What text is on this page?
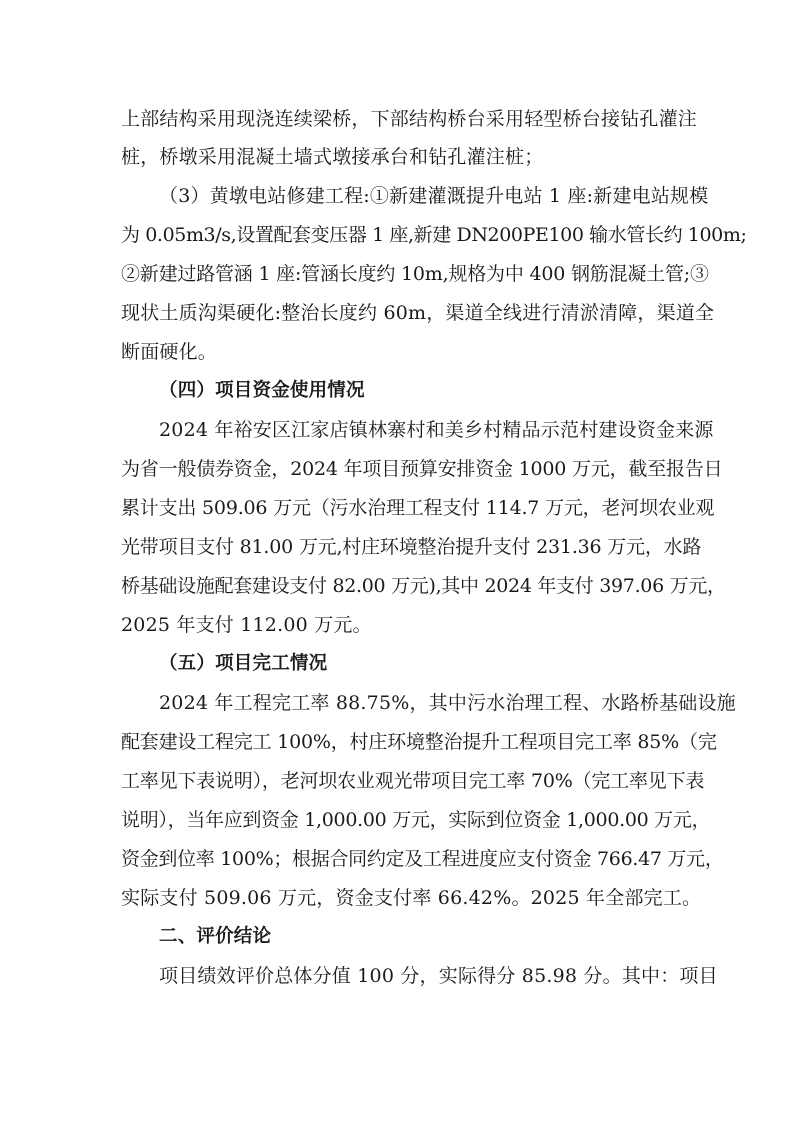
上部结构采用现浇连续梁桥，下部结构桥台采用轻型桥台接钻孔灌注
桩，桥墩采用混凝土墙式墩接承台和钻孔灌注桩；
（3）黄墩电站修建工程:①新建灌溉提升电站 1 座:新建电站规模
为 0.05m3/s,设置配套变压器 1 座,新建 DN200PE100 输水管长约 100m;
②新建过路管涵 1 座:管涵长度约 10m,规格为中 400 钢筋混凝土管;③
现状土质沟渠硬化:整治长度约 60m，渠道全线进行清淤清障，渠道全
断面硬化。
（四）项目资金使用情况
2024 年裕安区江家店镇林寨村和美乡村精品示范村建设资金来源
为省一般债券资金，2024 年项目预算安排资金 1000 万元，截至报告日
累计支出 509.06 万元（污水治理工程支付 114.7 万元，老河坝农业观
光带项目支付 81.00 万元,村庄环境整治提升支付 231.36 万元，水路
桥基础设施配套建设支付 82.00 万元),其中 2024 年支付 397.06 万元，
2025 年支付 112.00 万元。
（五）项目完工情况
2024 年工程完工率 88.75%，其中污水治理工程、水路桥基础设施
配套建设工程完工 100%，村庄环境整治提升工程项目完工率 85%（完
工率见下表说明），老河坝农业观光带项目完工率 70%（完工率见下表
说明），当年应到资金 1,000.00 万元，实际到位资金 1,000.00 万元，
资金到位率 100%；根据合同约定及工程进度应支付资金 766.47 万元，
实际支付 509.06 万元，资金支付率 66.42%。2025 年全部完工。
二、评价结论
项目绩效评价总体分值 100 分，实际得分 85.98 分。其中：项目
